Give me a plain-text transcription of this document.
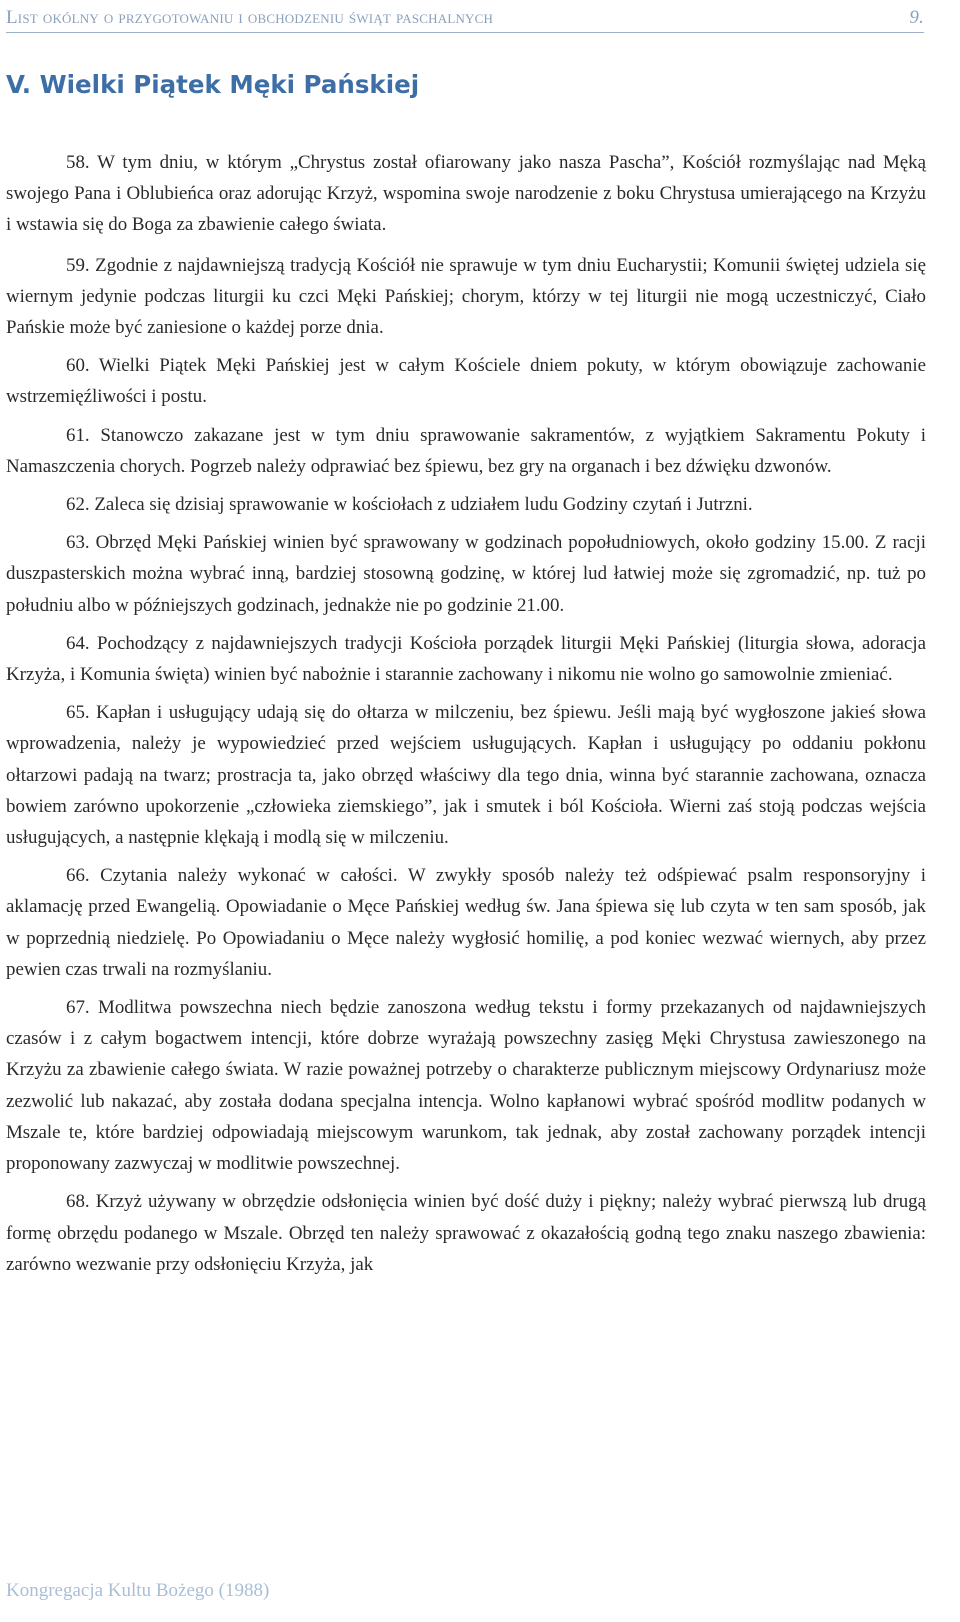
List okólny o przygotowaniu i obchodzeniu świąt paschalnych	9.
V. Wielki Piątek Męki Pańskiej

58. W tym dniu, w którym „Chrystus został ofiarowany jako nasza Pascha”, Kościół rozmyślając nad Męką swojego Pana i Oblubieńca oraz adorując Krzyż, wspomina swoje narodzenie z boku Chrystusa umierającego na Krzyżu i wstawia się do Boga za zbawienie całego świata.

59. Zgodnie z najdawniejszą tradycją Kościół nie sprawuje w tym dniu Eucharystii; Komunii świętej udziela się wiernym jedynie podczas liturgii ku czci Męki Pańskiej; chorym, którzy w tej liturgii nie mogą uczestniczyć, Ciało Pańskie może być zaniesione o każdej porze dnia.

60. Wielki Piątek Męki Pańskiej jest w całym Kościele dniem pokuty, w którym obowiązuje zachowanie wstrzemięźliwości i postu.

61. Stanowczo zakazane jest w tym dniu sprawowanie sakramentów, z wyjątkiem Sakramentu Pokuty i Namaszczenia chorych. Pogrzeb należy odprawiać bez śpiewu, bez gry na organach i bez dźwięku dzwonów.

62. Zaleca się dzisiaj sprawowanie w kościołach z udziałem ludu Godziny czytań i Jutrzni.

63. Obrzęd Męki Pańskiej winien być sprawowany w godzinach popołudniowych, około godziny 15.00. Z racji duszpasterskich można wybrać inną, bardziej stosowną godzinę, w której lud łatwiej może się zgromadzić, np. tuż po południu albo w późniejszych godzinach, jednakże nie po godzinie 21.00.

64. Pochodzący z najdawniejszych tradycji Kościoła porządek liturgii Męki Pańskiej (liturgia słowa, adoracja Krzyża, i Komunia święta) winien być nabożnie i starannie zachowany i nikomu nie wolno go samowolnie zmieniać.

65. Kapłan i usługujący udają się do ołtarza w milczeniu, bez śpiewu. Jeśli mają być wygłoszone jakieś słowa wprowadzenia, należy je wypowiedzieć przed wejściem usługujących. Kapłan i usługujący po oddaniu pokłonu ołtarzowi padają na twarz; prostracja ta, jako obrzęd właściwy dla tego dnia, winna być starannie zachowana, oznacza bowiem zarówno upokorzenie „człowieka ziemskiego”, jak i smutek i ból Kościoła. Wierni zaś stoją podczas wejścia usługujących, a następnie klękają i modlą się w milczeniu.

66. Czytania należy wykonać w całości. W zwykły sposób należy też odśpiewać psalm responsoryjny i aklamację przed Ewangelią. Opowiadanie o Męce Pańskiej według św. Jana śpiewa się lub czyta w ten sam sposób, jak w poprzednią niedzielę. Po Opowiadaniu o Męce należy wygłosić homilię, a pod koniec wezwać wiernych, aby przez pewien czas trwali na rozmyślaniu.

67. Modlitwa powszechna niech będzie zanoszona według tekstu i formy przekazanych od najdawniejszych czasów i z całym bogactwem intencji, które dobrze wyrażają powszechny zasięg Męki Chrystusa zawieszonego na Krzyżu za zbawienie całego świata. W razie poważnej potrzeby o charakterze publicznym miejscowy Ordynariusz może zezwolić lub nakazać, aby została dodana specjalna intencja. Wolno kapłanowi wybrać spośród modlitw podanych w Mszale te, które bardziej odpowiadają miejscowym warunkom, tak jednak, aby został zachowany porządek intencji proponowany zazwyczaj w modlitwie powszechnej.

68. Krzyż używany w obrzędzie odsłonięcia winien być dość duży i piękny; należy wybrać pierwszą lub drugą formę obrzędu podanego w Mszale. Obrzęd ten należy sprawować z okazałością godną tego znaku naszego zbawienia: zarówno wezwanie przy odsłonięciu Krzyża, jak

Kongregacja Kultu Bożego (1988)
